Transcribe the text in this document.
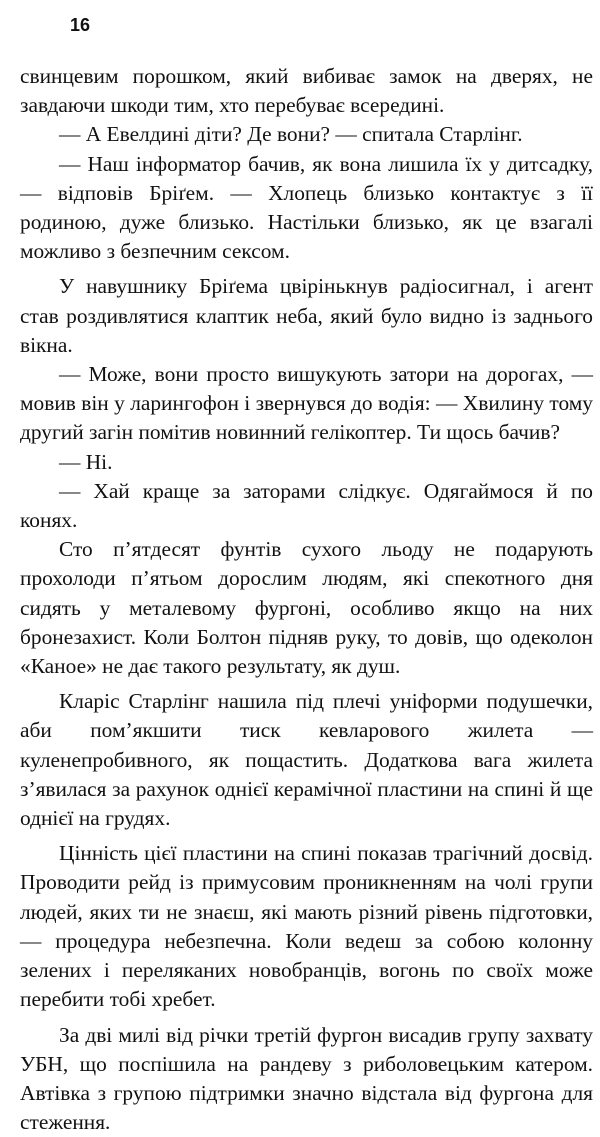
16

свинцевим порошком, який вибиває замок на дверях, не завдаючи шкоди тим, хто перебуває всередині.

— А Евелдині діти? Де вони? — спитала Старлінг.

— Наш інформатор бачив, як вона лишила їх у дитсадку, — відповів Бріґем. — Хлопець близько контактує з її родиною, дуже близько. Настільки близько, як це взагалі можливо з безпечним сексом.

У навушнику Бріґема цвірінькнув радіосигнал, і агент став роздивлятися клаптик неба, який було видно із заднього вікна.

— Може, вони просто вишукують затори на дорогах, — мовив він у ларингофон і звернувся до водія: — Хвилину тому другий загін помітив новинний гелікоптер. Ти щось бачив?

— Ні.

— Хай краще за заторами слідкує. Одягаймося й по конях.

Сто п’ятдесят фунтів сухого льоду не подарують прохолоди п’ятьом дорослим людям, які спекотного дня сидять у металевому фургоні, особливо якщо на них бронезахист. Коли Болтон підняв руку, то довів, що одеколон «Каное» не дає такого результату, як душ.

Кларіс Старлінг нашила під плечі уніформи подушечки, аби пом’якшити тиск кевларового жилета — куленепробивного, як пощастить. Додаткова вага жилета з’явилася за рахунок однієї керамічної пластини на спині й ще однієї на грудях.

Цінність цієї пластини на спині показав трагічний досвід. Проводити рейд із примусовим проникненням на чолі групи людей, яких ти не знаєш, які мають різний рівень підготовки, — процедура небезпечна. Коли ведеш за собою колонну зелених і переляканих новобранців, вогонь по своїх може перебити тобі хребет.

За дві милі від річки третій фургон висадив групу захвату УБН, що поспішила на рандеву з риболовецьким катером. Автівка з групою підтримки значно відстала від фургона для стеження.
